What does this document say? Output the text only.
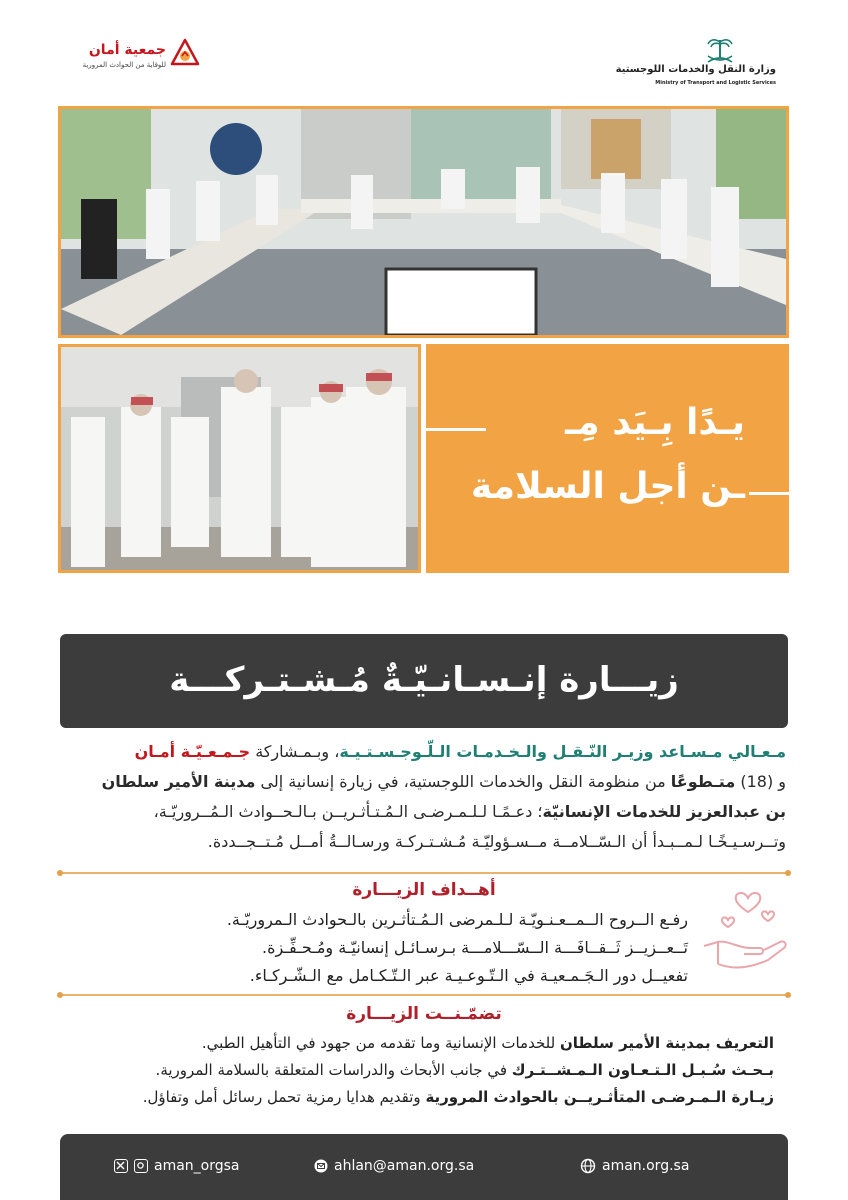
وزارة النقل والخدمات اللوجستية
Ministry of Transport and Logistic Services
جمعية أمان
للوقاية من الحوادث المرورية
يـدًا بِـيَد مِـ
ـن أجل السلامة
زيـــارة إنـسـانـيّـةٌ مُـشـتـركـــة
مـعـالي مـسـاعد وزيـر النّـقـل والـخـدمـات الـلّـوجـسـتـيـة، وبـمـشاركة جـمـعـيّـة أمـان
و (18) متـطوعًا من منظومة النقل والخدمات اللوجستية، في زيارة إنسانية إلى مدينة الأمير سلطان
بن عبدالعزيز للخدمات الإنسانيّة؛ دعـمًـا لـلـمـرضـى الـمُـتـأثـريــن بـالـحــوادث الـمُــروريّـة،
وتــرسـيـخًـا لـمــبـدأ أن الـسّــلامــة مــسـؤوليّـة مُـشـتـركـة ورسـالــةُ أمــل مُـتــجــددة.
أهــداف الزيـــارة
رفـع الــروح الــمــعـنـويّـة لـلـمرضى الـمُـتأثـرين بالـحوادث الـمروريّـة.
تَــعــزيــز ثَــقــافَـــة الــسّـــلامـــة بـرسـائـل إنسانيّـة ومُـحـفِّـزة.
تفعيــل دور الـجَـمـعيـة في الـتّـوعـيـة عبر الـتّـكـامل مع الـشّـركـاء.
تضمّـنــت الزيـــارة
التعريف بمدينة الأمير سلطان للخدمات الإنسانية وما تقدمه من جهود في التأهيل الطبي.
بـحـث سُـبـل الـتـعـاون الـمـشــتـرك في جانب الأبحاث والدراسات المتعلقة بالسلامة المرورية.
زيـارة الـمـرضـى المتأثـريــن بالحوادث المرورية وتقديم هدايا رمزية تحمل رسائل أمل وتفاؤل.
aman_orgsa	ahlan@aman.org.sa	aman.org.sa
